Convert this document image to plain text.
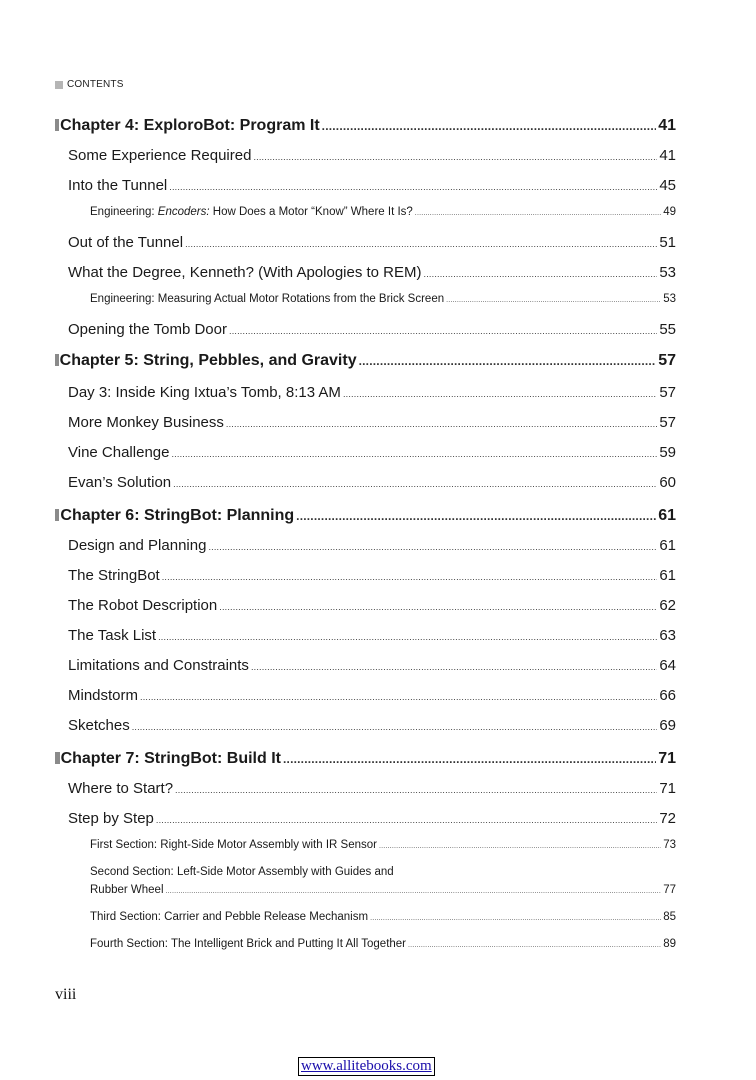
CONTENTS
Chapter 4: ExploroBot: Program It .....	41
Some Experience Required .....	41
Into the Tunnel .....	45
Engineering: Encoders: How Does a Motor “Know” Where It Is? .....	49
Out of the Tunnel .....	51
What the Degree, Kenneth? (With Apologies to REM) .....	53
Engineering: Measuring Actual Motor Rotations from the Brick Screen .....	53
Opening the Tomb Door .....	55
Chapter 5: String, Pebbles, and Gravity .....	57
Day 3: Inside King Ixtua’s Tomb, 8:13 AM .....	57
More Monkey Business .....	57
Vine Challenge .....	59
Evan’s Solution .....	60
Chapter 6: StringBot: Planning .....	61
Design and Planning .....	61
The StringBot .....	61
The Robot Description .....	62
The Task List .....	63
Limitations and Constraints .....	64
Mindstorm .....	66
Sketches .....	69
Chapter 7: StringBot: Build It .....	71
Where to Start? .....	71
Step by Step .....	72
First Section: Right-Side Motor Assembly with IR Sensor .....	73
Second Section: Left-Side Motor Assembly with Guides and
Rubber Wheel .....	77
Third Section: Carrier and Pebble Release Mechanism .....	85
Fourth Section: The Intelligent Brick and Putting It All Together .....	89
viii
www.allitebooks.com
